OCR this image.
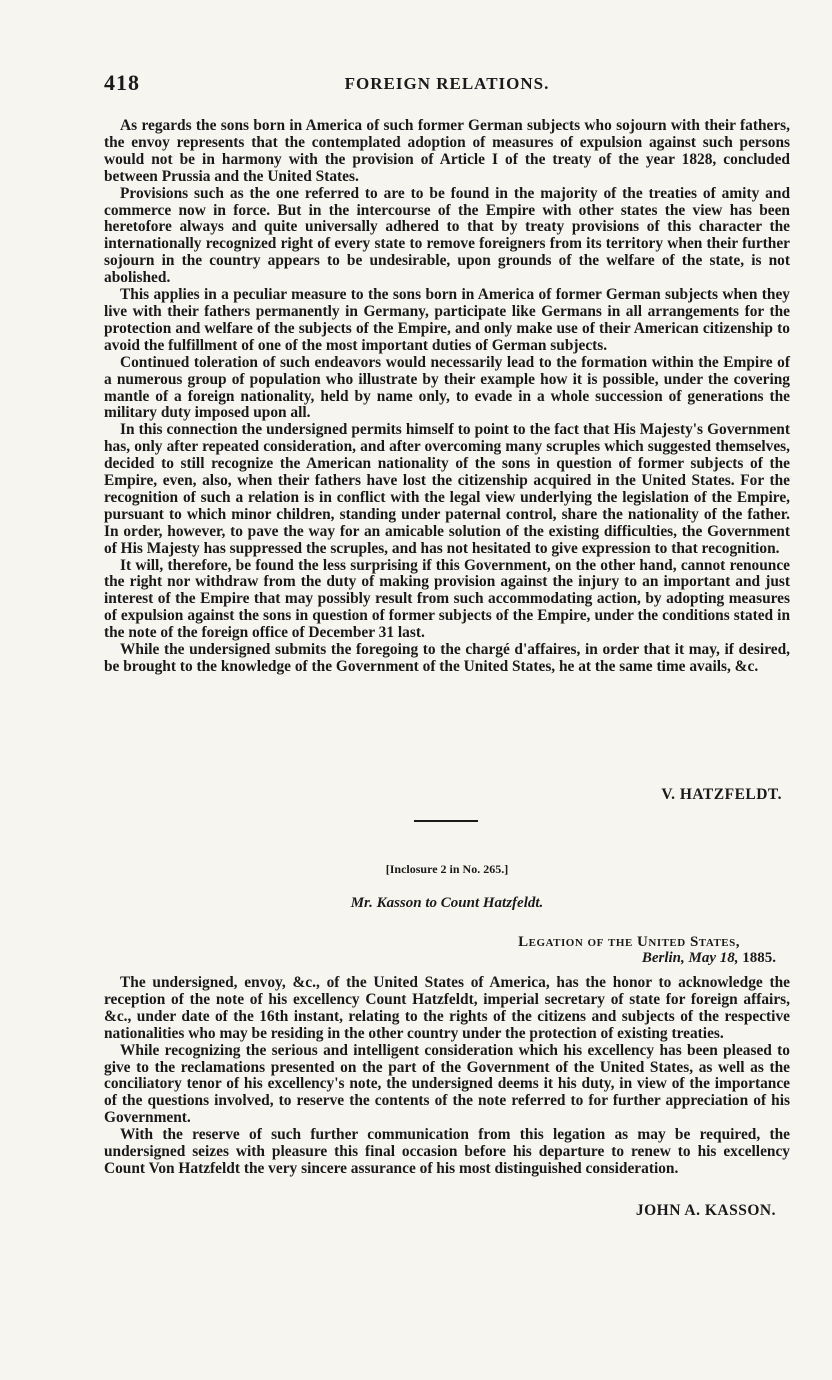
418	FOREIGN RELATIONS.

As regards the sons born in America of such former German subjects who sojourn with their fathers, the envoy represents that the contemplated adoption of measures of expulsion against such persons would not be in harmony with the provision of Article I of the treaty of the year 1828, concluded between Prussia and the United States.

Provisions such as the one referred to are to be found in the majority of the treaties of amity and commerce now in force. But in the intercourse of the Empire with other states the view has been heretofore always and quite universally adhered to that by treaty provisions of this character the internationally recognized right of every state to remove foreigners from its territory when their further sojourn in the country appears to be undesirable, upon grounds of the welfare of the state, is not abolished.

This applies in a peculiar measure to the sons born in America of former German subjects when they live with their fathers permanently in Germany, participate like Germans in all arrangements for the protection and welfare of the subjects of the Empire, and only make use of their American citizenship to avoid the fulfillment of one of the most important duties of German subjects.

Continued toleration of such endeavors would necessarily lead to the formation within the Empire of a numerous group of population who illustrate by their example how it is possible, under the covering mantle of a foreign nationality, held by name only, to evade in a whole succession of generations the military duty imposed upon all.

In this connection the undersigned permits himself to point to the fact that His Majesty's Government has, only after repeated consideration, and after overcoming many scruples which suggested themselves, decided to still recognize the American nationality of the sons in question of former subjects of the Empire, even, also, when their fathers have lost the citizenship acquired in the United States. For the recognition of such a relation is in conflict with the legal view underlying the legislation of the Empire, pursuant to which minor children, standing under paternal control, share the nationality of the father. In order, however, to pave the way for an amicable solution of the existing difficulties, the Government of His Majesty has suppressed the scruples, and has not hesitated to give expression to that recognition.

It will, therefore, be found the less surprising if this Government, on the other hand, cannot renounce the right nor withdraw from the duty of making provision against the injury to an important and just interest of the Empire that may possibly result from such accommodating action, by adopting measures of expulsion against the sons in question of former subjects of the Empire, under the conditions stated in the note of the foreign office of December 31 last.

While the undersigned submits the foregoing to the chargé d'affaires, in order that it may, if desired, be brought to the knowledge of the Government of the United States, he at the same time avails, &c.

V. HATZFELDT.
[Inclosure 2 in No. 265.]
Mr. Kasson to Count Hatzfeldt.
Legation of the United States,
Berlin, May 18, 1885.

The undersigned, envoy, &c., of the United States of America, has the honor to acknowledge the reception of the note of his excellency Count Hatzfeldt, imperial secretary of state for foreign affairs, &c., under date of the 16th instant, relating to the rights of the citizens and subjects of the respective nationalities who may be residing in the other country under the protection of existing treaties.

While recognizing the serious and intelligent consideration which his excellency has been pleased to give to the reclamations presented on the part of the Government of the United States, as well as the conciliatory tenor of his excellency's note, the undersigned deems it his duty, in view of the importance of the questions involved, to reserve the contents of the note referred to for further appreciation of his Government.

With the reserve of such further communication from this legation as may be required, the undersigned seizes with pleasure this final occasion before his departure to renew to his excellency Count Von Hatzfeldt the very sincere assurance of his most distinguished consideration.

JOHN A. KASSON.
